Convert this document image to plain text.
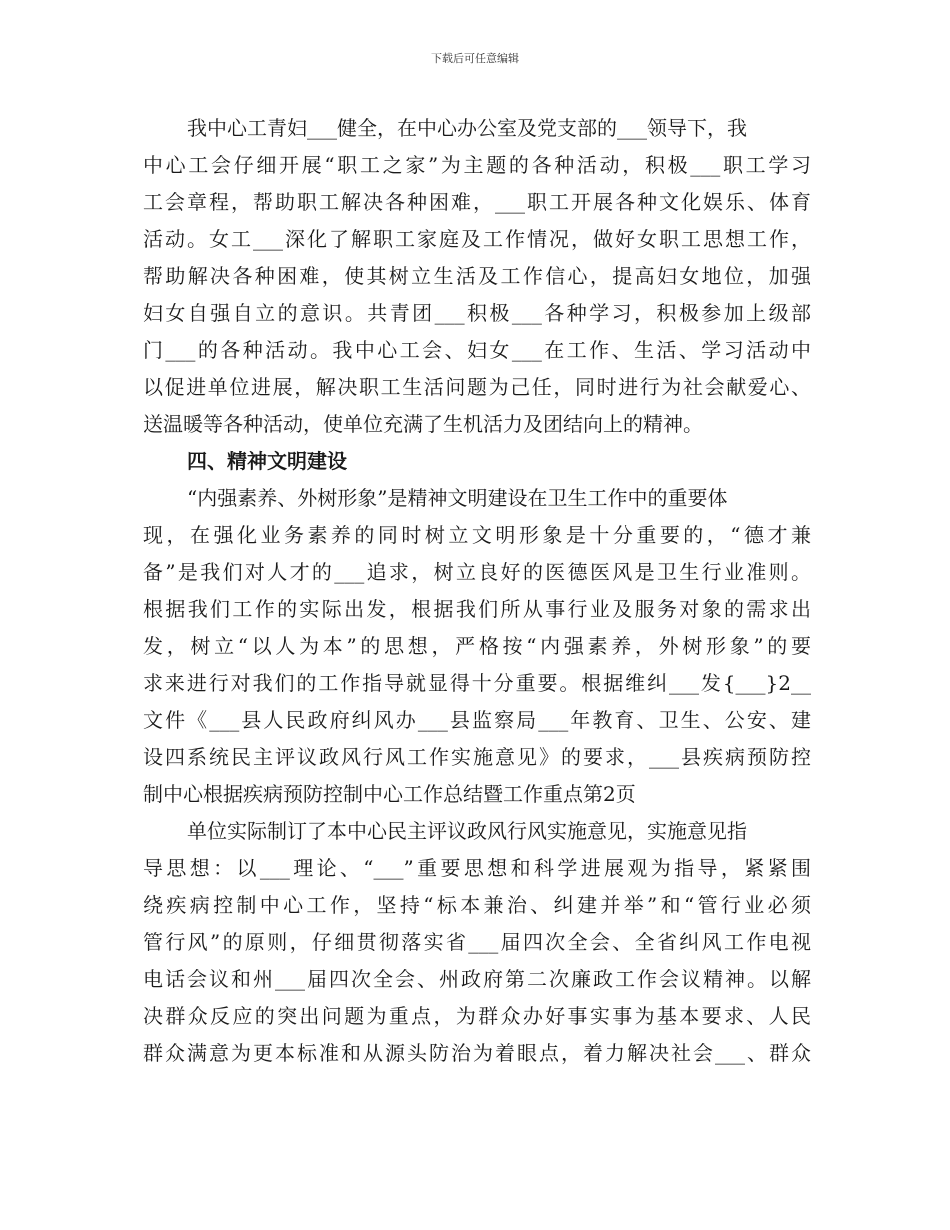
下载后可任意编辑
我中心工青妇___健全，在中心办公室及党支部的___领导下，我
中心工会仔细开展“职工之家”为主题的各种活动，积极___职工学习
工会章程，帮助职工解决各种困难，___职工开展各种文化娱乐、体育
活动。女工___深化了解职工家庭及工作情况，做好女职工思想工作，
帮助解决各种困难，使其树立生活及工作信心，提高妇女地位，加强
妇女自强自立的意识。共青团___积极___各种学习，积极参加上级部
门___的各种活动。我中心工会、妇女___在工作、生活、学习活动中
以促进单位进展，解决职工生活问题为己任，同时进行为社会献爱心、
送温暖等各种活动，使单位充满了生机活力及团结向上的精神。
四、精神文明建设
“内强素养、外树形象”是精神文明建设在卫生工作中的重要体
现，在强化业务素养的同时树立文明形象是十分重要的，“德才兼
备”是我们对人才的___追求，树立良好的医德医风是卫生行业准则。
根据我们工作的实际出发，根据我们所从事行业及服务对象的需求出
发，树立“以人为本”的思想，严格按“内强素养，外树形象”的要
求来进行对我们的工作指导就显得十分重要。根据维纠___发{___}2__
文件《___县人民政府纠风办___县监察局___年教育、卫生、公安、建
设四系统民主评议政风行风工作实施意见》的要求，___县疾病预防控
制中心根据疾病预防控制中心工作总结暨工作重点第2页
单位实际制订了本中心民主评议政风行风实施意见，实施意见指
导思想：以___理论、“___”重要思想和科学进展观为指导，紧紧围
绕疾病控制中心工作，坚持“标本兼治、纠建并举”和“管行业必须
管行风”的原则，仔细贯彻落实省___届四次全会、全省纠风工作电视
电话会议和州___届四次全会、州政府第二次廉政工作会议精神。以解
决群众反应的突出问题为重点，为群众办好事实事为基本要求、人民
群众满意为更本标准和从源头防治为着眼点，着力解决社会___、群众
